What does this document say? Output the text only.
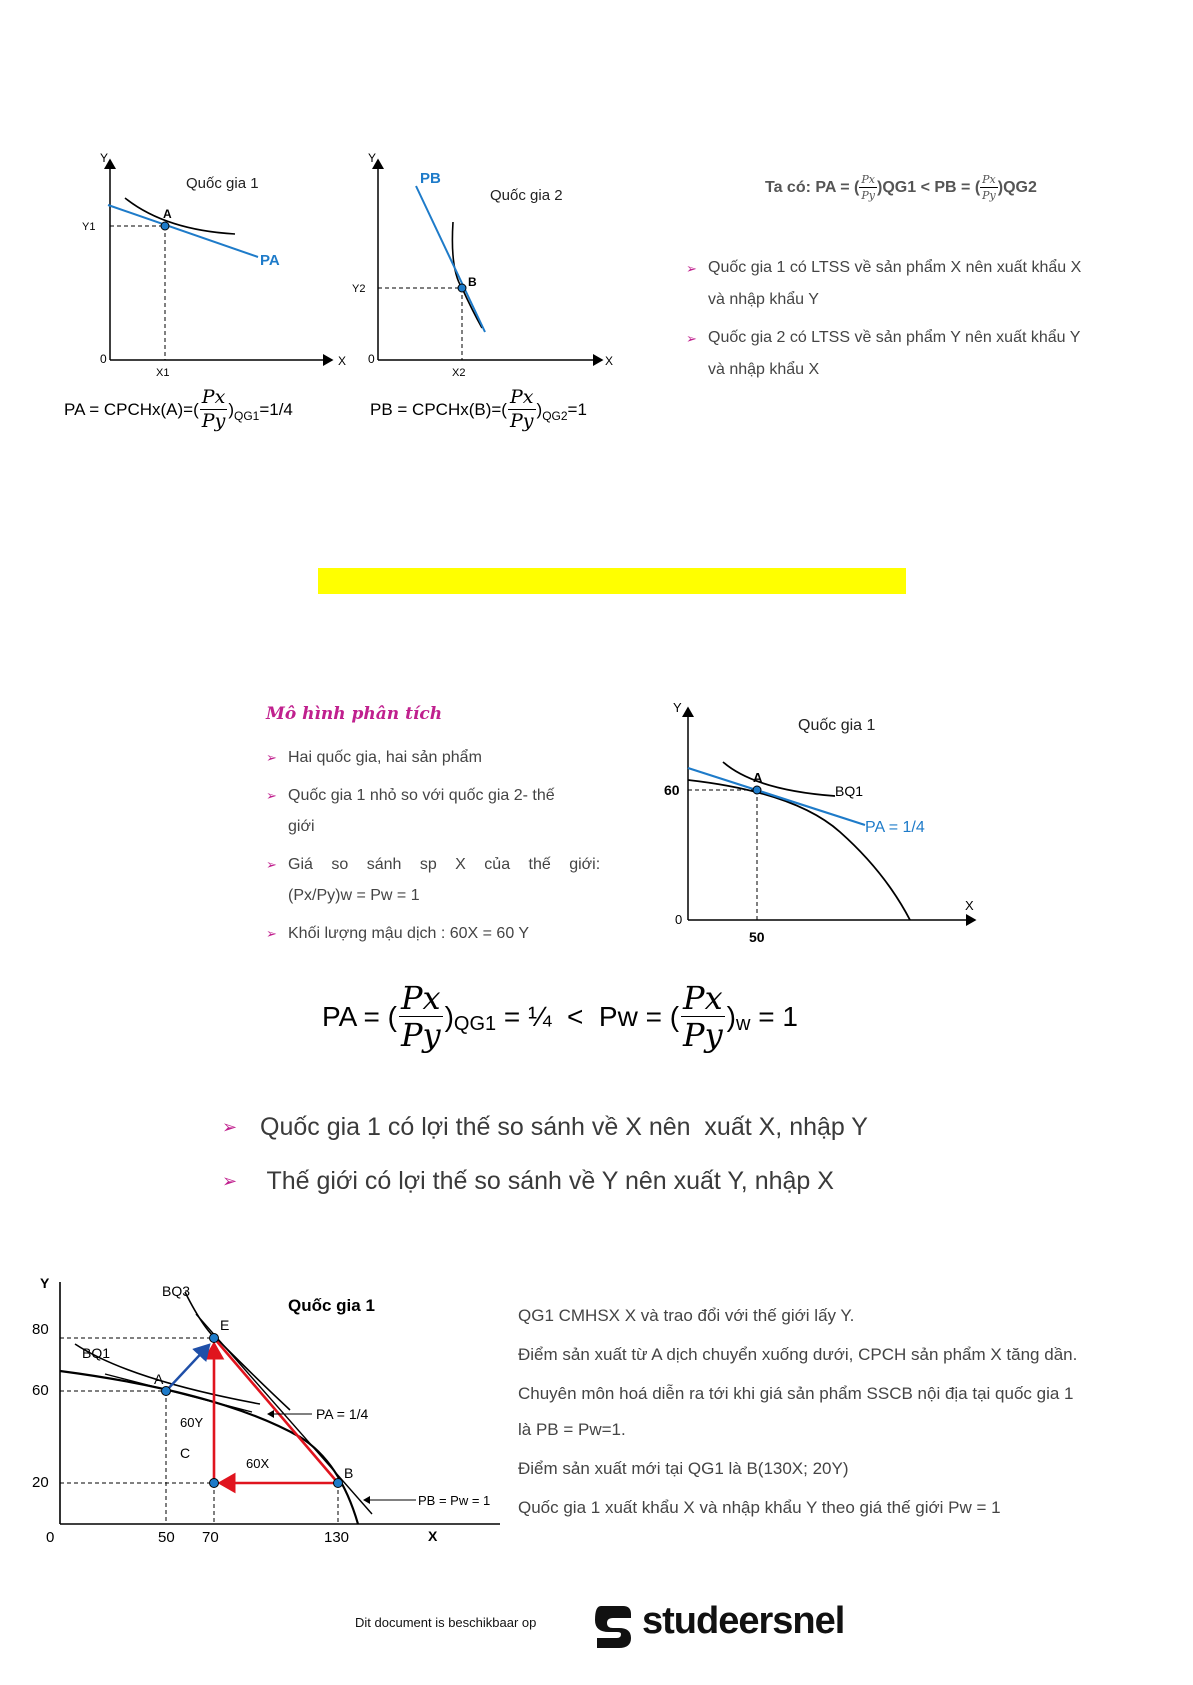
Y
X
0
Quốc gia 1
Y1
X1
A
PA
PA = CPCHx(A)=( $\frac{Px}{Py}$ ) QG1 =1/4
Y
X
0
Quốc gia 2
Y2
X2
B
PB
PB = CPCHx(B)=( $\frac{Px}{Py}$ ) QG2 =1
Ta có: PA = ( $\frac{Px}{Py} )QG1$ < PB = ( $\frac{Px}{Py} )QG2$
➢ Quốc gia 1 có LTSS về sản phẩm X nên xuất khẩu X
và nhập khẩu Y
➢ Quốc gia 2 có LTSS về sản phẩm Y nên xuất khẩu Y
và nhập khẩu X
Mô hình phân tích
➢ Hai quốc gia, hai sản phẩm
➢ Quốc gia 1 nhỏ so với quốc gia 2- thế
giới
➢ Giá so sánh sp X của thế giới:
(Px/Py)w = Pw = 1
➢ Khối lượng mậu dịch : 60X = 60 Y
Y
X
0
Quốc gia 1
60
50
A
BQ1
PA = 1/4
PA = ( $\frac{Px}{Py}$ ) QG1 = ¼  <  Pw = ( $\frac{Px}{Py}$ ) w = 1
➢ Quốc gia 1 có lợi thế so sánh về X nên  xuất X, nhập Y
➢ Thế giới có lợi thế so sánh về Y nên xuất Y, nhập X
Y
X
0
Quốc gia 1
80
60
20
50 70	130
BQ3
BQ1
E
A
B
C
60Y
60X
PA = 1/4
PB = Pw = 1
QG1 CMHSX X và trao đổi với thế giới lấy Y.
Điểm sản xuất từ A dịch chuyển xuống dưới, CPCH sản phẩm X tăng dần.
Chuyên môn hoá diễn ra tới khi giá sản phẩm SSCB nội địa tại quốc gia 1
là PB = Pw=1.
Điểm sản xuất mới tại QG1 là B(130X; 20Y)
Quốc gia 1 xuất khẩu X và nhập khẩu Y theo giá thế giới Pw = 1
Dit document is beschikbaar op	studeersnel
